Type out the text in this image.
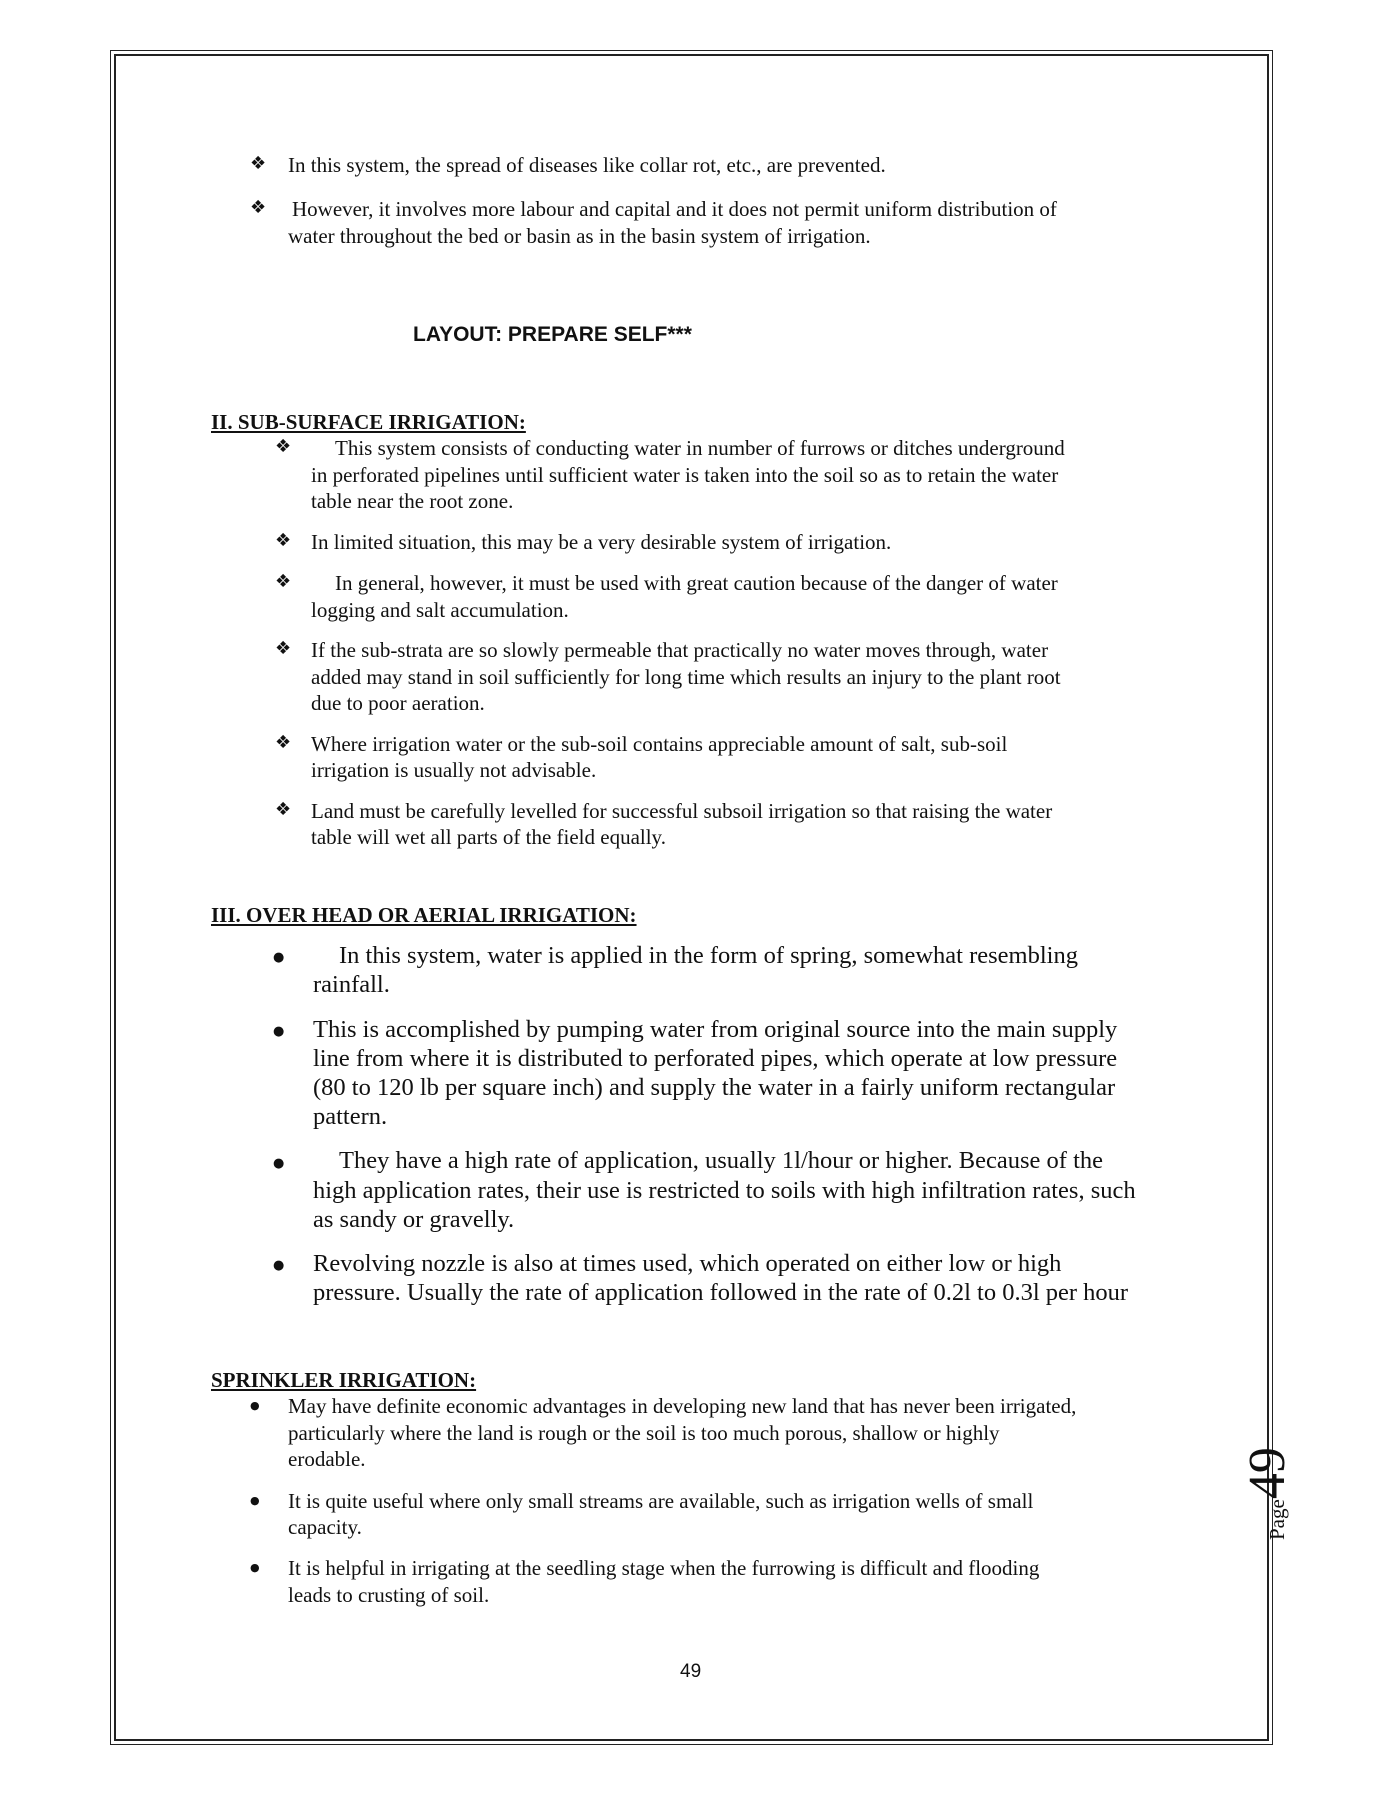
❖ In this system, the spread of diseases like collar rot, etc., are prevented.
❖ However, it involves more labour and capital and it does not permit uniform distribution of
water throughout the bed or basin as in the basin system of irrigation.
LAYOUT: PREPARE SELF***
II. SUB-SURFACE IRRIGATION:
❖ This system consists of conducting water in number of furrows or ditches underground
in perforated pipelines until sufficient water is taken into the soil so as to retain the water
table near the root zone.
❖ In limited situation, this may be a very desirable system of irrigation.
❖ In general, however, it must be used with great caution because of the danger of water
logging and salt accumulation.
❖ If the sub-strata are so slowly permeable that practically no water moves through, water
added may stand in soil sufficiently for long time which results an injury to the plant root
due to poor aeration.
❖ Where irrigation water or the sub-soil contains appreciable amount of salt, sub-soil
irrigation is usually not advisable.
❖ Land must be carefully levelled for successful subsoil irrigation so that raising the water
table will wet all parts of the field equally.
III. OVER HEAD OR AERIAL IRRIGATION:
● In this system, water is applied in the form of spring, somewhat resembling
rainfall.
● This is accomplished by pumping water from original source into the main supply
line from where it is distributed to perforated pipes, which operate at low pressure
(80 to 120 lb per square inch) and supply the water in a fairly uniform rectangular
pattern.
● They have a high rate of application, usually 1l/hour or higher. Because of the
high application rates, their use is restricted to soils with high infiltration rates, such
as sandy or gravelly.
● Revolving nozzle is also at times used, which operated on either low or high
pressure. Usually the rate of application followed in the rate of 0.2l to 0.3l per hour
SPRINKLER IRRIGATION:
● May have definite economic advantages in developing new land that has never been irrigated,
particularly where the land is rough or the soil is too much porous, shallow or highly
erodable.
● It is quite useful where only small streams are available, such as irrigation wells of small
capacity.
● It is helpful in irrigating at the seedling stage when the furrowing is difficult and flooding
leads to crusting of soil.
49
Page49
